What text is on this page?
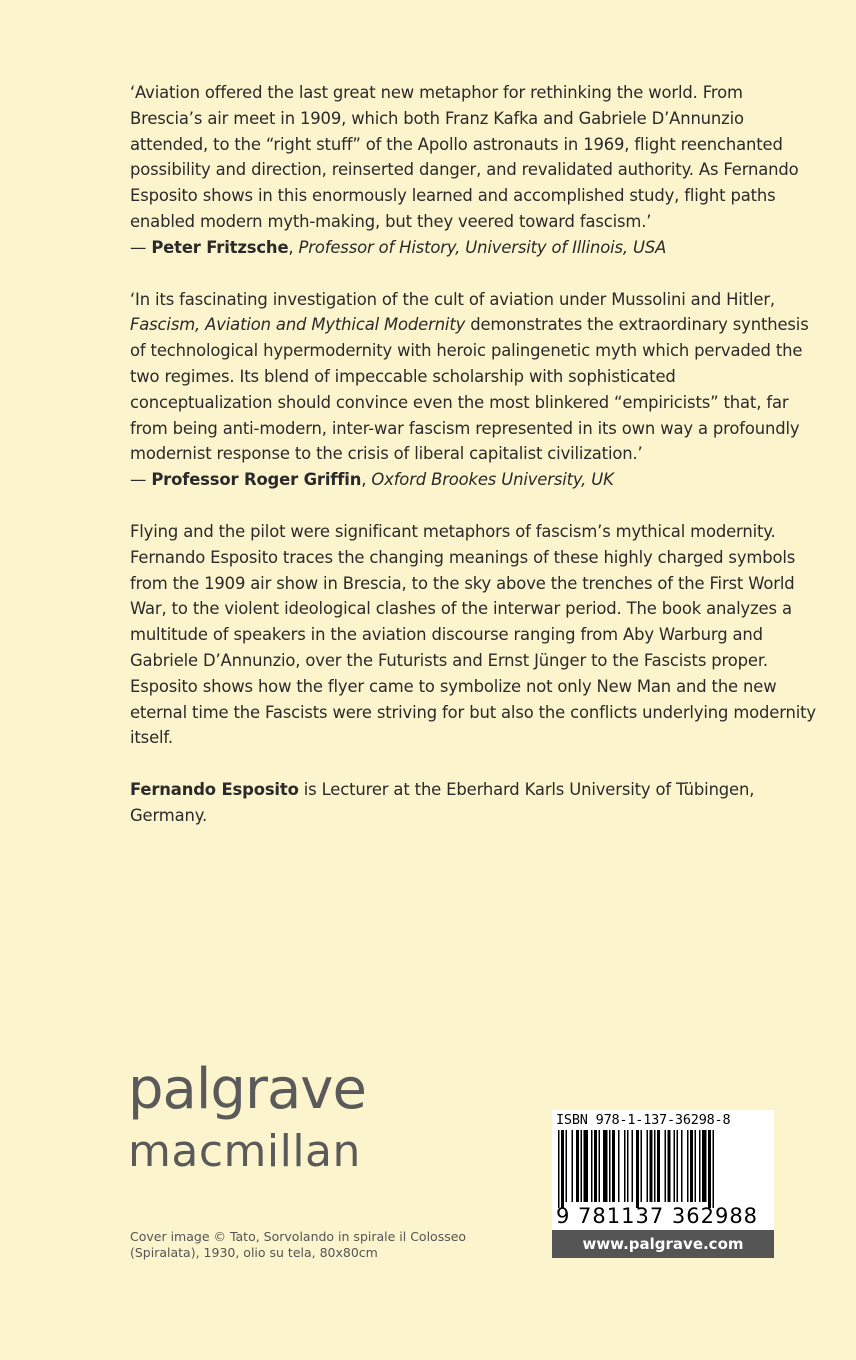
‘Aviation offered the last great new metaphor for rethinking the world. From Brescia’s air meet in 1909, which both Franz Kafka and Gabriele D’Annunzio attended, to the “right stuff” of the Apollo astronauts in 1969, flight reenchanted possibility and direction, reinserted danger, and revalidated authority. As Fernando Esposito shows in this enormously learned and accomplished study, flight paths enabled modern myth-making, but they veered toward fascism.’
— Peter Fritzsche, Professor of History, University of Illinois, USA

‘In its fascinating investigation of the cult of aviation under Mussolini and Hitler, Fascism, Aviation and Mythical Modernity demonstrates the extraordinary synthesis of technological hypermodernity with heroic palingenetic myth which pervaded the two regimes. Its blend of impeccable scholarship with sophisticated conceptualization should convince even the most blinkered “empiricists” that, far from being anti-modern, inter-war fascism represented in its own way a profoundly modernist response to the crisis of liberal capitalist civilization.’
— Professor Roger Griffin, Oxford Brookes University, UK

Flying and the pilot were significant metaphors of fascism’s mythical modernity. Fernando Esposito traces the changing meanings of these highly charged symbols from the 1909 air show in Brescia, to the sky above the trenches of the First World War, to the violent ideological clashes of the interwar period. The book analyzes a multitude of speakers in the aviation discourse ranging from Aby Warburg and Gabriele D’Annunzio, over the Futurists and Ernst Jünger to the Fascists proper. Esposito shows how the flyer came to symbolize not only New Man and the new eternal time the Fascists were striving for but also the conflicts underlying modernity itself.

Fernando Esposito is Lecturer at the Eberhard Karls University of Tübingen, Germany.

palgrave
macmillan
Cover image © Tato, Sorvolando in spirale il Colosseo (Spiralata), 1930, olio su tela, 80x80cm
ISBN 978-1-137-36298-8
9 781137 362988
www.palgrave.com
